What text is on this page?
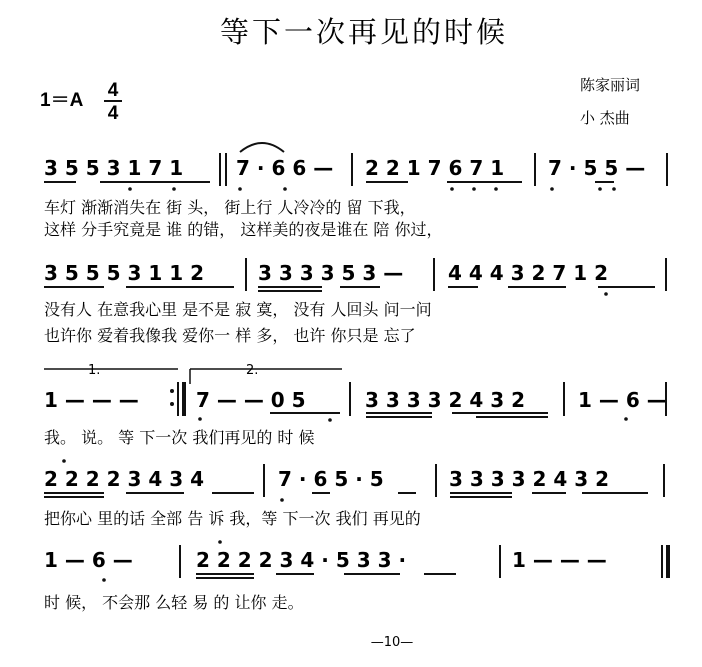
等下一次再见的时候
1＝A 4
4
陈家丽词
小 杰曲
3 5 5 3 1 7 1	7 · 6 6 — 2 2 1 7 6 7 1 7 · 5 5 —
车灯 渐渐消失在 街 头， 街上行 人冷冷的 留 下我，
这样 分手究竟是 谁 的错， 这样美的夜是谁在 陪 你过，
3 5 5 5 3 1 1 2	3 3 3 3 5 3 — 4 4 4 3 2 7 1 2
没有人 在意我心里 是不是 寂 寞， 没有 人回头 问一问
也许你 爱着我像我 爱你一 样 多， 也许 你只是 忘了
1.	2.
1 — — —	7 — — 0 5	3 3 3 3 2 4 3 2	1 — 6 —
我。 说。 等 下一次 我们再见的 时 候
2 2 2 2 3 4 3 4	7 · 6 5 · 5	3 3 3 3 2 4 3 2
把你心 里的话 全部 告 诉 我，等 下一次 我们 再见的
1 — 6 —	2 2 2 2 3 4 · 5 3 3 ·	1 — — —
时 候， 不会那 么轻 易 的 让你 走。
—10—
